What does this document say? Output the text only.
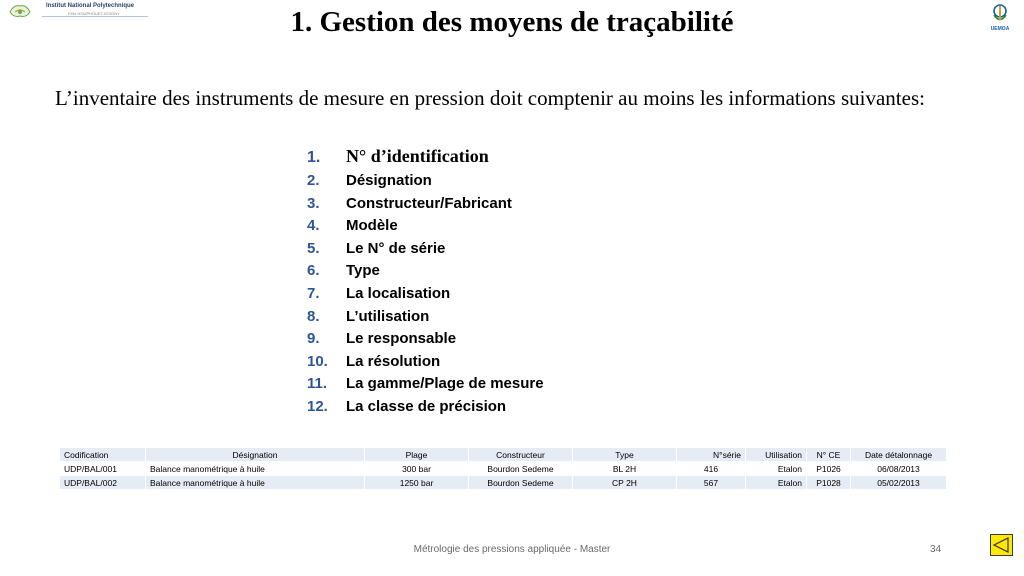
Institut National Polytechnique
Félix HOUPHOUËT-BOIGNY
UEMOA
1. Gestion des moyens de traçabilité
L’inventaire des instruments de mesure en pression doit comptenir au moins les informations suivantes:
1.	N° d’identification
2.	Désignation
3.	Constructeur/Fabricant
4.	Modèle
5.	Le N° de série
6.	Type
7.	La localisation
8.	L’utilisation
9.	Le responsable
10.	La résolution
11.	La gamme/Plage de mesure
12.	La classe de précision
Codification	Désignation	Plage	Constructeur	Type	N°série	Utilisation	N° CE	Date détalonnage
UDP/BAL/001	Balance manométrique à huile	300 bar	Bourdon Sedeme	BL 2H	416	Etalon	P1026	06/08/2013
UDP/BAL/002	Balance manométrique à huile	1250 bar	Bourdon Sedeme	CP 2H	567	Etalon	P1028	05/02/2013
Métrologie des pressions appliquée - Master	34
